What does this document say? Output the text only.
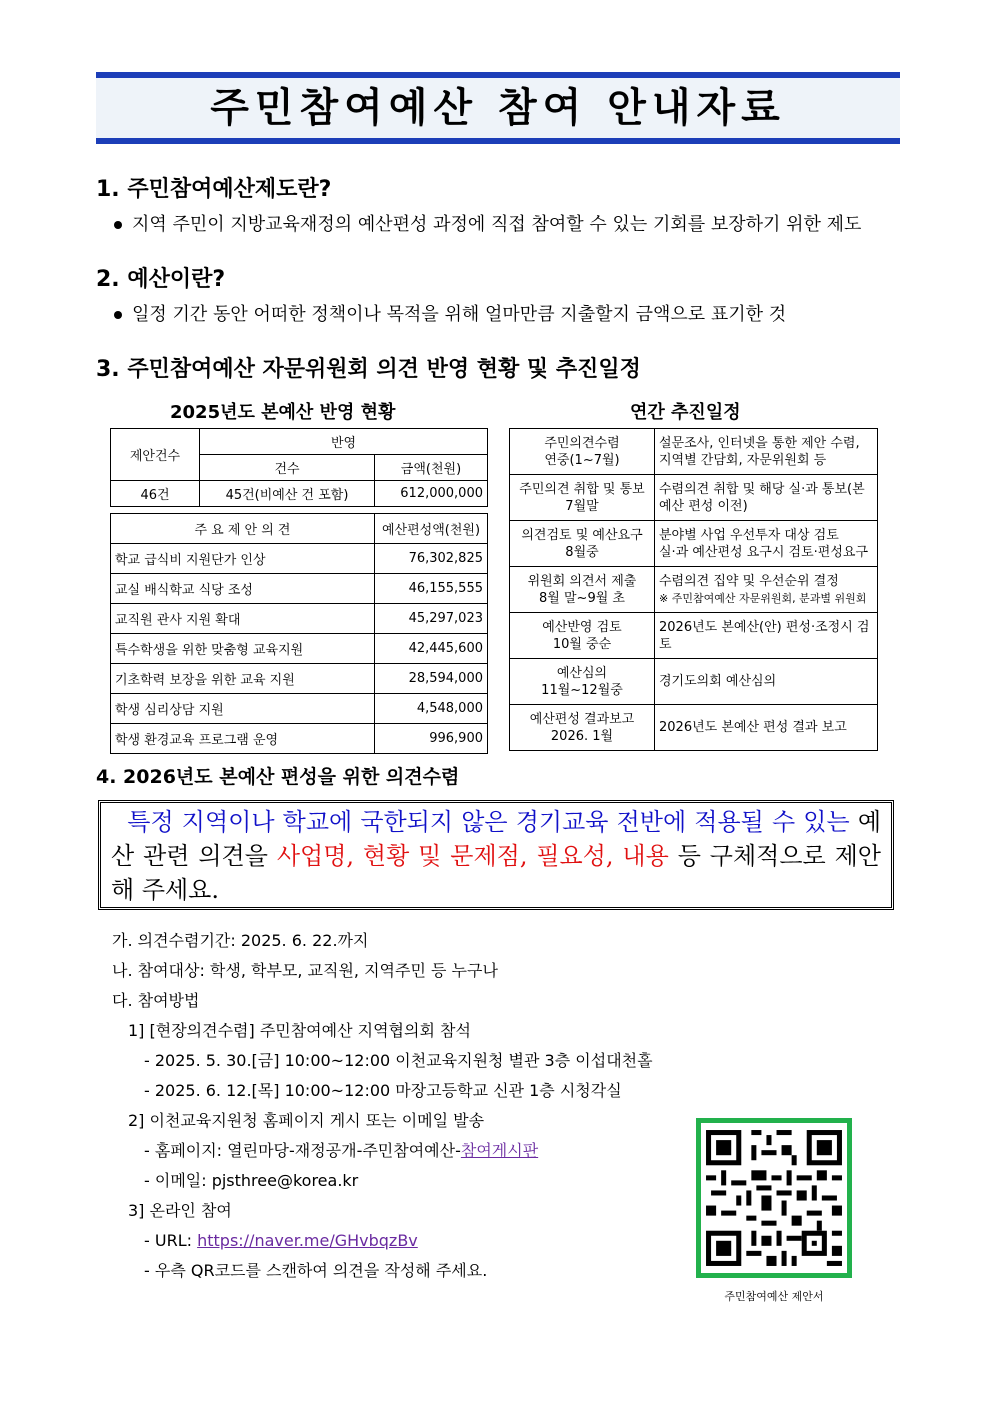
주민참여예산 참여 안내자료

1. 주민참여예산제도란?

지역 주민이 지방교육재정의 예산편성 과정에 직접 참여할 수 있는 기회를 보장하기 위한 제도

2. 예산이란?

일정 기간 동안 어떠한 정책이나 목적을 위해 얼마만큼 지출할지 금액으로 표기한 것

3. 주민참여예산 자문위원회 의견 반영 현황 및 추진일정

2025년도 본예산 반영 현황	연간 추진일정
제안건수	반영	
	건수	금액(천원)
46건	45건(비예산 건 포함)	612,000,000
주 요 제 안 의 견	예산편성액(천원)
학교 급식비 지원단가 인상	76,302,825
교실 배식학교 식당 조성	46,155,555
교직원 관사 지원 확대	45,297,023
특수학생을 위한 맞춤형 교육지원	42,445,600
기초학력 보장을 위한 교육 지원	28,594,000
학생 심리상담 지원	4,548,000
학생 환경교육 프로그램 운영	996,900
주민의견수렴
연중(1~7월)	설문조사, 인터넷을 통한 제안 수렴, 지역별 간담회, 자문위원회 등
주민의견 취합 및 통보
7월말	수렴의견 취합 및 해당 실·과 통보(본예산 편성 이전)
의견검토 및 예산요구
8월중	분야별 사업 우선투자 대상 검토
실·과 예산편성 요구시 검토·편성요구
위원회 의견서 제출
8월 말~9월 초	수렴의견 집약 및 우선순위 결정
※ 주민참여예산 자문위원회, 분과별 위원회
예산반영 검토
10월 중순	2026년도 본예산(안) 편성·조정시 검토
예산심의
11월~12월중	경기도의회 예산심의
예산편성 결과보고
2026. 1월	2026년도 본예산 편성 결과 보고

4. 2026년도 본예산 편성을 위한 의견수렴

특정 지역이나 학교에 국한되지 않은 경기교육 전반에 적용될 수 있는 예산 관련 의견을 사업명, 현황 및 문제점, 필요성, 내용 등 구체적으로 제안해 주세요.
가. 의견수렴기간: 2025. 6. 22.까지
나. 참여대상: 학생, 학부모, 교직원, 지역주민 등 누구나
다. 참여방법
1] [현장의견수렴] 주민참여예산 지역협의회 참석
- 2025. 5. 30.[금] 10:00~12:00 이천교육지원청 별관 3층 이섭대천홀
- 2025. 6. 12.[목] 10:00~12:00 마장고등학교 신관 1층 시청각실
2] 이천교육지원청 홈페이지 게시 또는 이메일 발송
- 홈페이지: 열린마당-재정공개-주민참여예산-참여게시판
- 이메일: pjsthree@korea.kr
3] 온라인 참여
- URL: https://naver.me/GHvbqzBv
- 우측 QR코드를 스캔하여 의견을 작성해 주세요.
주민참여예산 제안서
